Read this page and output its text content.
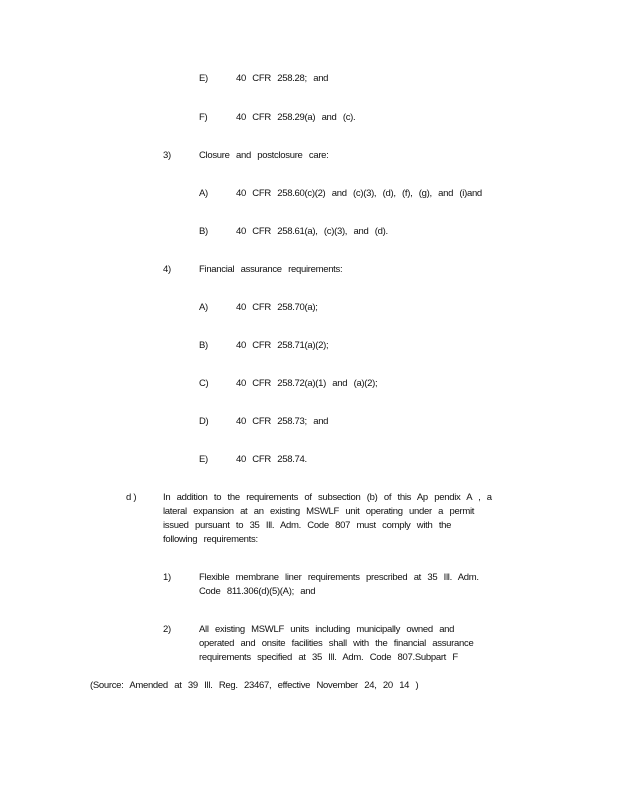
E)	40 CFR 258.28; and
F)	40 CFR 258.29(a) and (c).
3)	Closure and postclosure care:
A)	40 CFR 258.60(c)(2) and (c)(3), (d), (f), (g), and (i)and
B)	40 CFR 258.61(a), (c)(3), and (d).
4)	Financial assurance requirements:
A)	40 CFR 258.70(a);
B)	40 CFR 258.71(a)(2);
C)	40 CFR 258.72(a)(1) and (a)(2);
D)	40 CFR 258.73; and
E)	40 CFR 258.74.
d )	In addition to the requirements of subsection (b) of this Ap pendix A , a
lateral expansion at an existing MSWLF unit operating under a permit
issued pursuant to 35 Ill. Adm. Code 807 must comply with the
following requirements:
1)	Flexible membrane liner requirements prescribed at 35 Ill. Adm.
Code 811.306(d)(5)(A); and
2)	All existing MSWLF units including municipally owned and
operated and onsite facilities shall with the financial assurance
requirements specified at 35 Ill. Adm. Code 807.Subpart F
(Source: Amended at 39 Ill. Reg. 23467, effective November 24, 20 14 )
